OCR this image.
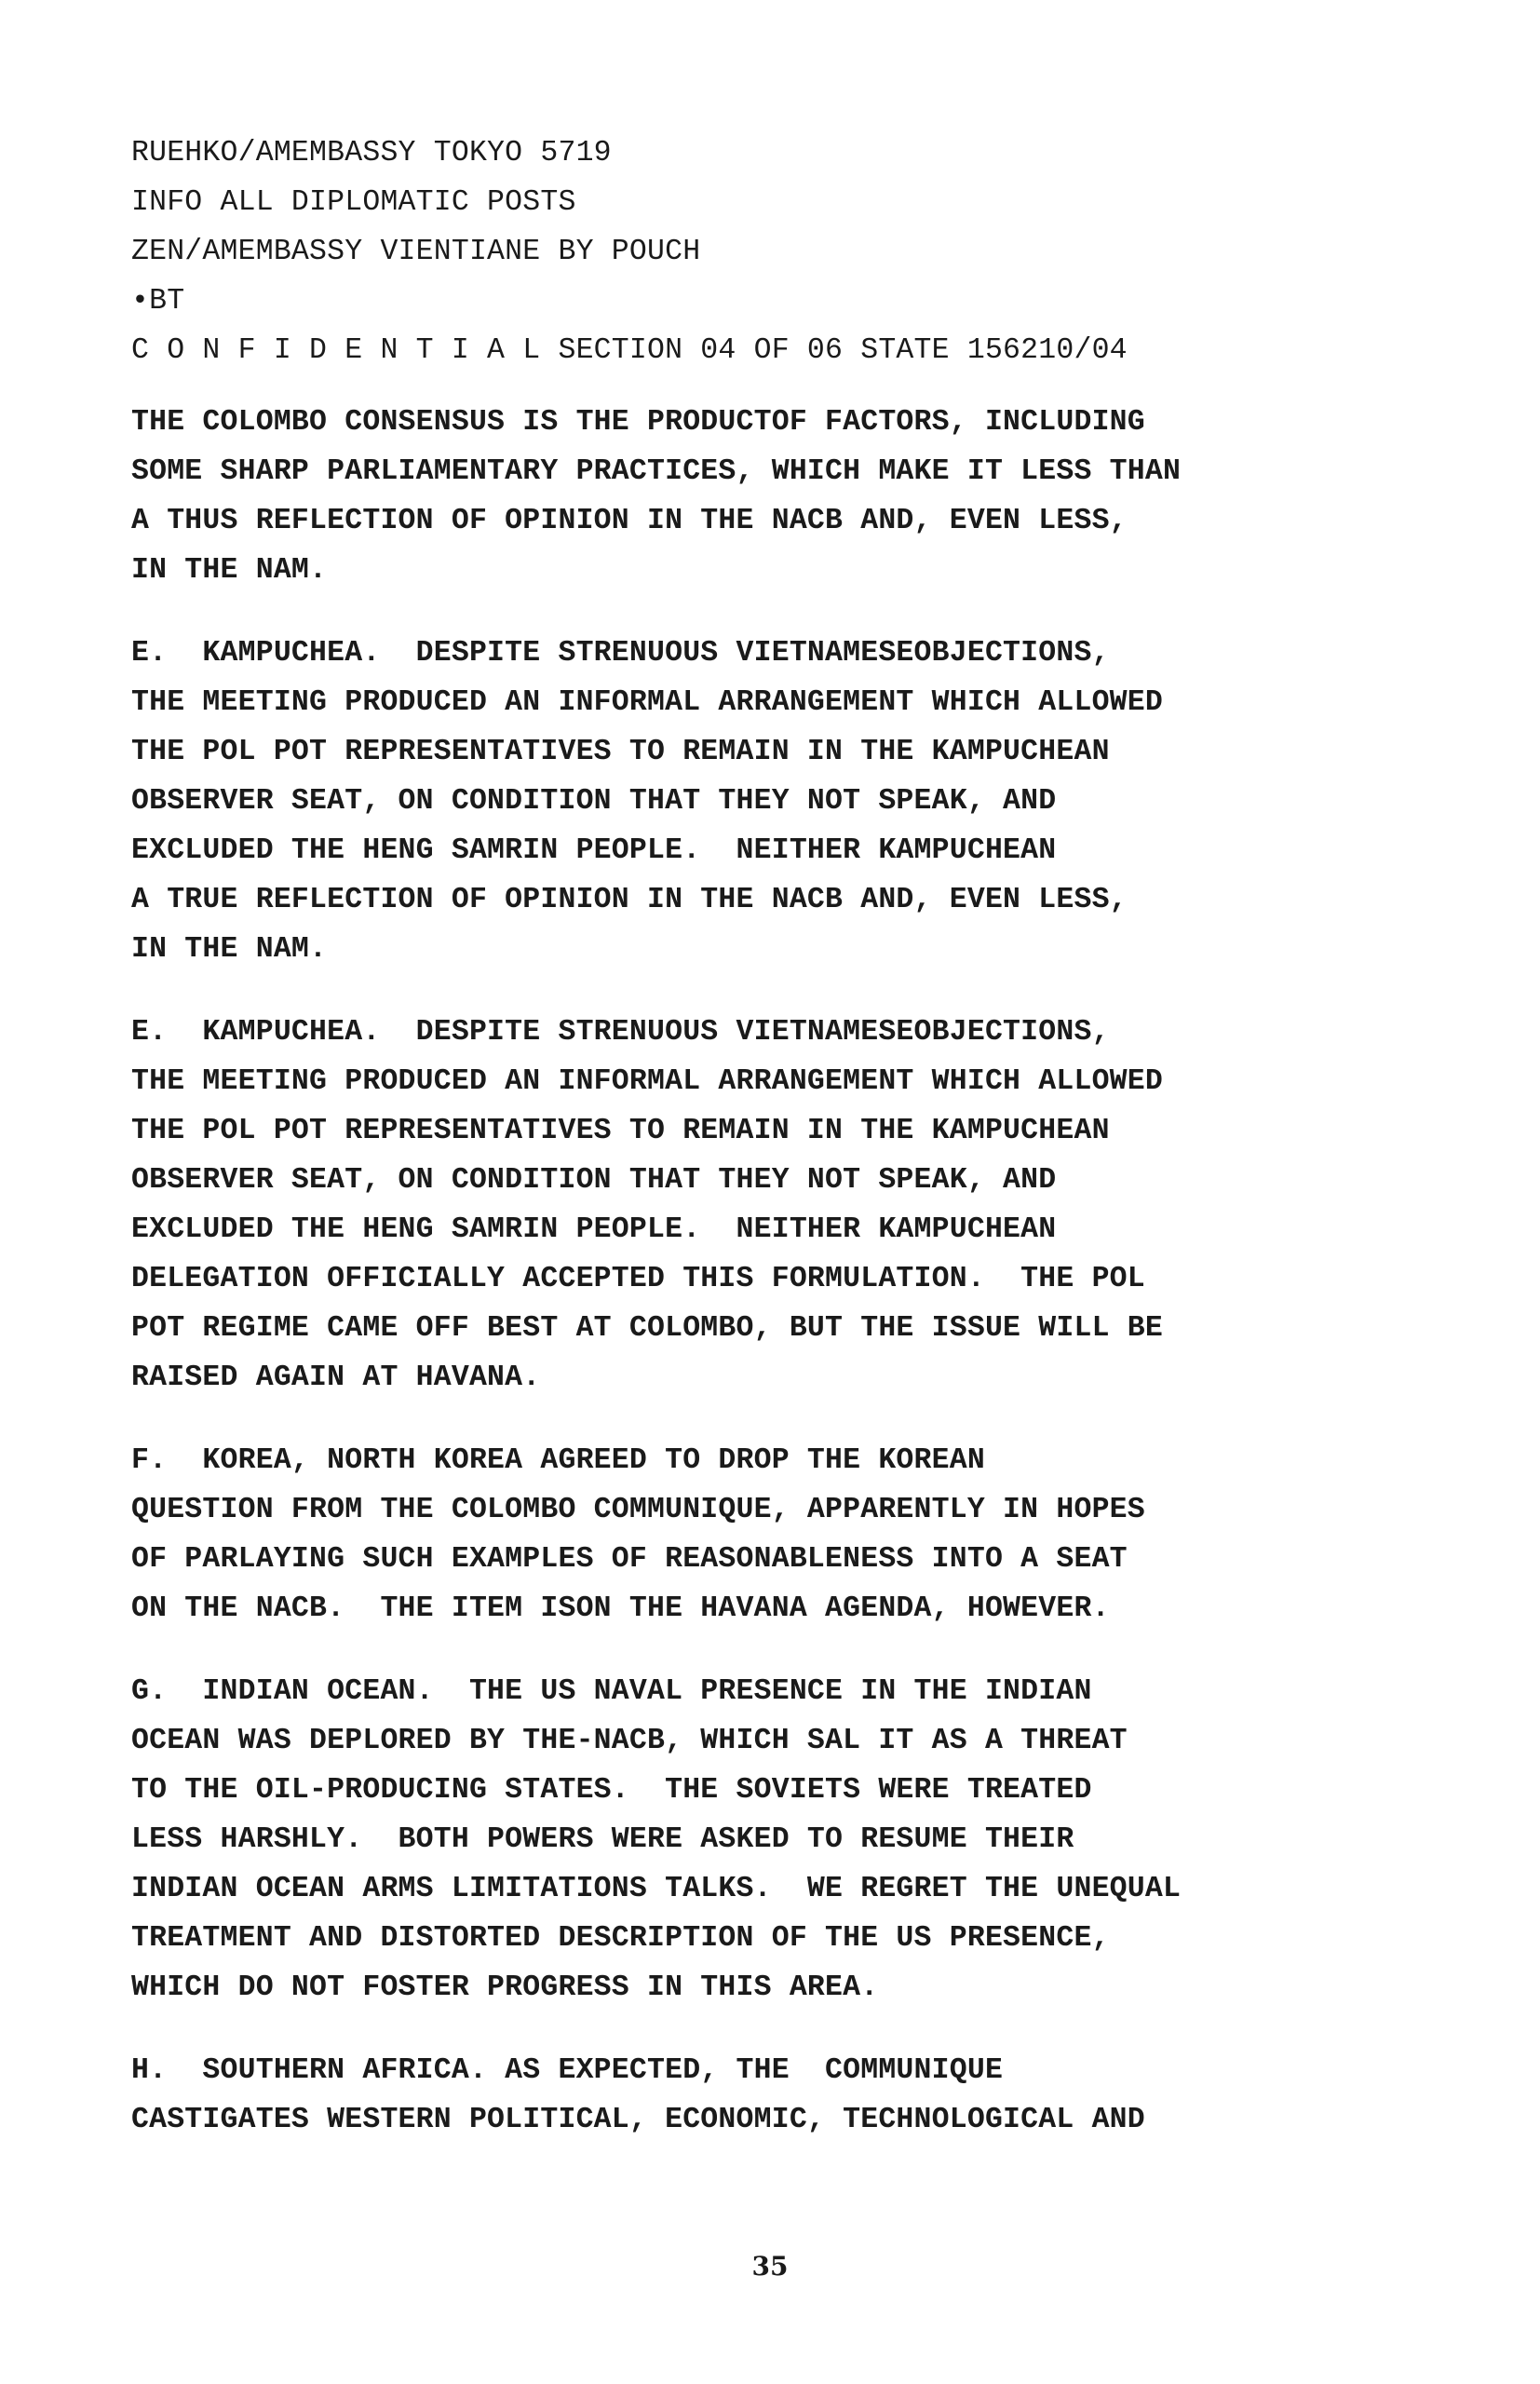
RUEHKO/AMEMBASSY TOKYO 5719
INFO ALL DIPLOMATIC POSTS
ZEN/AMEMBASSY VIENTIANE BY POUCH
•BT
C O N F I D E N T I A L SECTION 04 OF 06 STATE 156210/04
THE COLOMBO CONSENSUS IS THE PRODUCTOF FACTORS, INCLUDING
SOME SHARP PARLIAMENTARY PRACTICES, WHICH MAKE IT LESS THAN
A THUS REFLECTION OF OPINION IN THE NACB AND, EVEN LESS,
IN THE NAM.
E.  KAMPUCHEA.  DESPITE STRENUOUS VIETNAMESEOBJECTIONS,
THE MEETING PRODUCED AN INFORMAL ARRANGEMENT WHICH ALLOWED
THE POL POT REPRESENTATIVES TO REMAIN IN THE KAMPUCHEAN
OBSERVER SEAT, ON CONDITION THAT THEY NOT SPEAK, AND
EXCLUDED THE HENG SAMRIN PEOPLE.  NEITHER KAMPUCHEAN
A TRUE REFLECTION OF OPINION IN THE NACB AND, EVEN LESS,
IN THE NAM.
E.  KAMPUCHEA.  DESPITE STRENUOUS VIETNAMESEOBJECTIONS,
THE MEETING PRODUCED AN INFORMAL ARRANGEMENT WHICH ALLOWED
THE POL POT REPRESENTATIVES TO REMAIN IN THE KAMPUCHEAN
OBSERVER SEAT, ON CONDITION THAT THEY NOT SPEAK, AND
EXCLUDED THE HENG SAMRIN PEOPLE.  NEITHER KAMPUCHEAN
DELEGATION OFFICIALLY ACCEPTED THIS FORMULATION.  THE POL
POT REGIME CAME OFF BEST AT COLOMBO, BUT THE ISSUE WILL BE
RAISED AGAIN AT HAVANA.
F.  KOREA, NORTH KOREA AGREED TO DROP THE KOREAN
QUESTION FROM THE COLOMBO COMMUNIQUE, APPARENTLY IN HOPES
OF PARLAYING SUCH EXAMPLES OF REASONABLENESS INTO A SEAT
ON THE NACB.  THE ITEM ISON THE HAVANA AGENDA, HOWEVER.
G.  INDIAN OCEAN.  THE US NAVAL PRESENCE IN THE INDIAN
OCEAN WAS DEPLORED BY THE-NACB, WHICH SAL IT AS A THREAT
TO THE OIL-PRODUCING STATES.  THE SOVIETS WERE TREATED
LESS HARSHLY.  BOTH POWERS WERE ASKED TO RESUME THEIR
INDIAN OCEAN ARMS LIMITATIONS TALKS.  WE REGRET THE UNEQUAL
TREATMENT AND DISTORTED DESCRIPTION OF THE US PRESENCE,
WHICH DO NOT FOSTER PROGRESS IN THIS AREA.
H.  SOUTHERN AFRICA. AS EXPECTED, THE  COMMUNIQUE
CASTIGATES WESTERN POLITICAL, ECONOMIC, TECHNOLOGICAL AND
35
